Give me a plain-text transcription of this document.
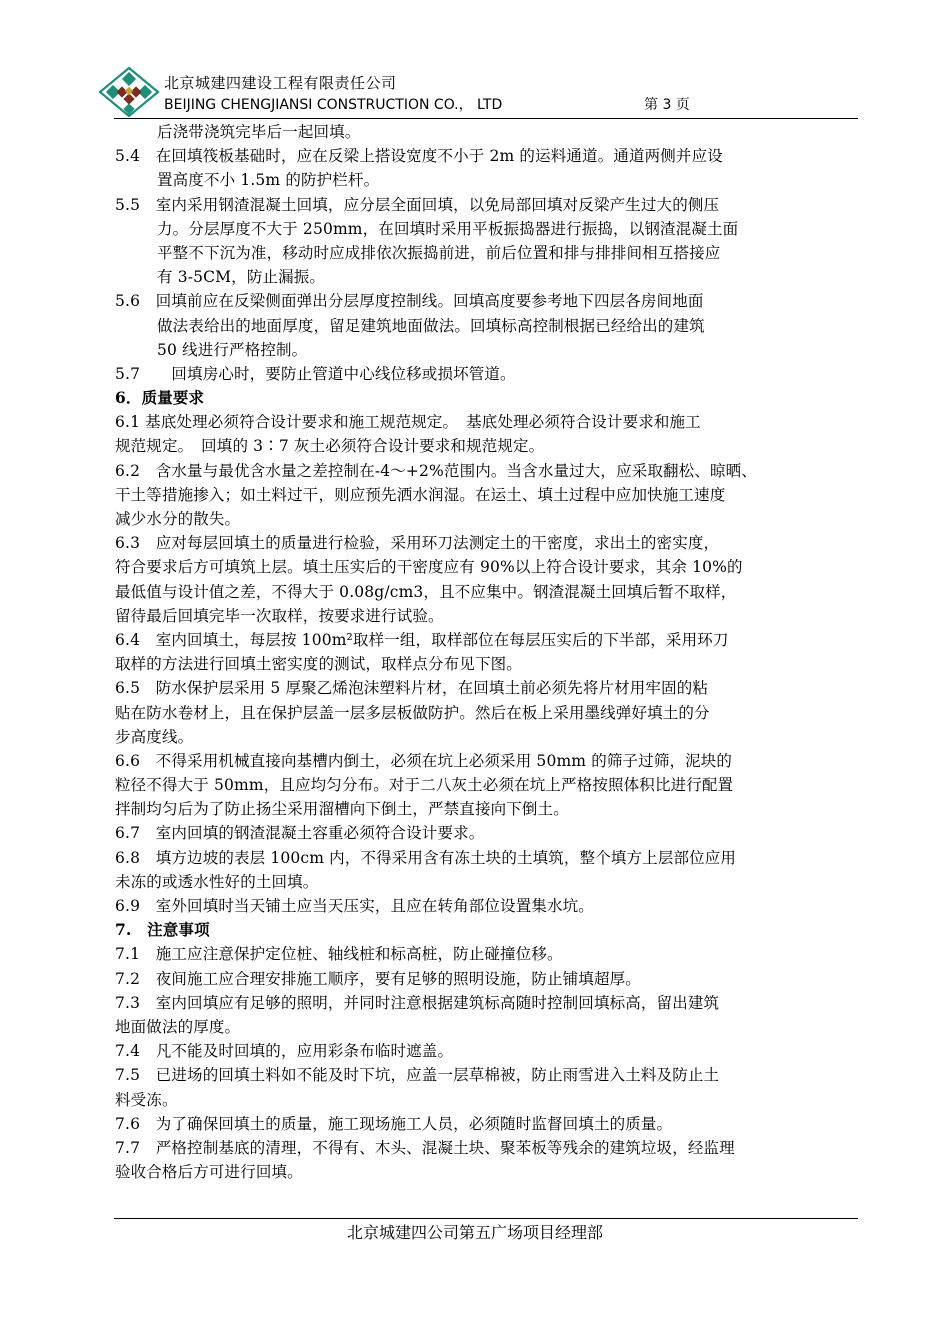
北京城建四建设工程有限责任公司
BEIJING CHENGJIANSI CONSTRUCTION CO.， LTD	第 3 页
后浇带浇筑完毕后一起回填。
5.4　在回填筏板基础时，应在反梁上搭设宽度不小于 2m 的运料通道。通道两侧并应设
置高度不小 1.5m 的防护栏杆。
5.5　室内采用钢渣混凝土回填，应分层全面回填，以免局部回填对反梁产生过大的侧压
力。分层厚度不大于 250mm，在回填时采用平板振捣器进行振捣，以钢渣混凝土面
平整不下沉为准，移动时应成排依次振捣前进，前后位置和排与排排间相互搭接应
有 3-5CM，防止漏振。
5.6　回填前应在反梁侧面弹出分层厚度控制线。回填高度要参考地下四层各房间地面
做法表给出的地面厚度，留足建筑地面做法。回填标高控制根据已经给出的建筑
50 线进行严格控制。
5.7　　回填房心时，要防止管道中心线位移或损坏管道。
6．质量要求
6.1 基底处理必须符合设计要求和施工规范规定。　基底处理必须符合设计要求和施工
规范规定。　回填的 3∶7 灰土必须符合设计要求和规范规定。
6.2　含水量与最优含水量之差控制在-4～+2%范围内。当含水量过大，应采取翻松、晾晒、
干土等措施掺入；如土料过干，则应预先洒水润湿。在运土、填土过程中应加快施工速度
减少水分的散失。
6.3　应对每层回填土的质量进行检验，采用环刀法测定土的干密度，求出土的密实度，
符合要求后方可填筑上层。填土压实后的干密度应有 90%以上符合设计要求，其余 10%的
最低值与设计值之差，不得大于 0.08g/cm3，且不应集中。钢渣混凝土回填后暂不取样，
留待最后回填完毕一次取样，按要求进行试验。
6.4　室内回填土，每层按 100m²取样一组，取样部位在每层压实后的下半部，采用环刀
取样的方法进行回填土密实度的测试，取样点分布见下图。
6.5　防水保护层采用 5 厚聚乙烯泡沫塑料片材，在回填土前必须先将片材用牢固的粘
贴在防水卷材上，且在保护层盖一层多层板做防护。然后在板上采用墨线弹好填土的分
步高度线。
6.6　不得采用机械直接向基槽内倒土，必须在坑上必须采用 50mm 的筛子过筛，泥块的
粒径不得大于 50mm，且应均匀分布。对于二八灰土必须在坑上严格按照体积比进行配置
拌制均匀后为了防止扬尘采用溜槽向下倒土，严禁直接向下倒土。
6.7　室内回填的钢渣混凝土容重必须符合设计要求。
6.8　填方边坡的表层 100cm 内，不得采用含有冻土块的土填筑，整个填方上层部位应用
未冻的或透水性好的土回填。
6.9　室外回填时当天铺土应当天压实，且应在转角部位设置集水坑。
7.　注意事项
7.1　施工应注意保护定位桩、轴线桩和标高桩，防止碰撞位移。
7.2　夜间施工应合理安排施工顺序，要有足够的照明设施，防止铺填超厚。
7.3　室内回填应有足够的照明，并同时注意根据建筑标高随时控制回填标高，留出建筑
地面做法的厚度。
7.4　凡不能及时回填的，应用彩条布临时遮盖。
7.5　已进场的回填土料如不能及时下坑，应盖一层草棉被，防止雨雪进入土料及防止土
料受冻。
7.6　为了确保回填土的质量，施工现场施工人员，必须随时监督回填土的质量。
7.7　严格控制基底的清理，不得有、木头、混凝土块、聚苯板等残余的建筑垃圾，经监理
验收合格后方可进行回填。
北京城建四公司第五广场项目经理部
